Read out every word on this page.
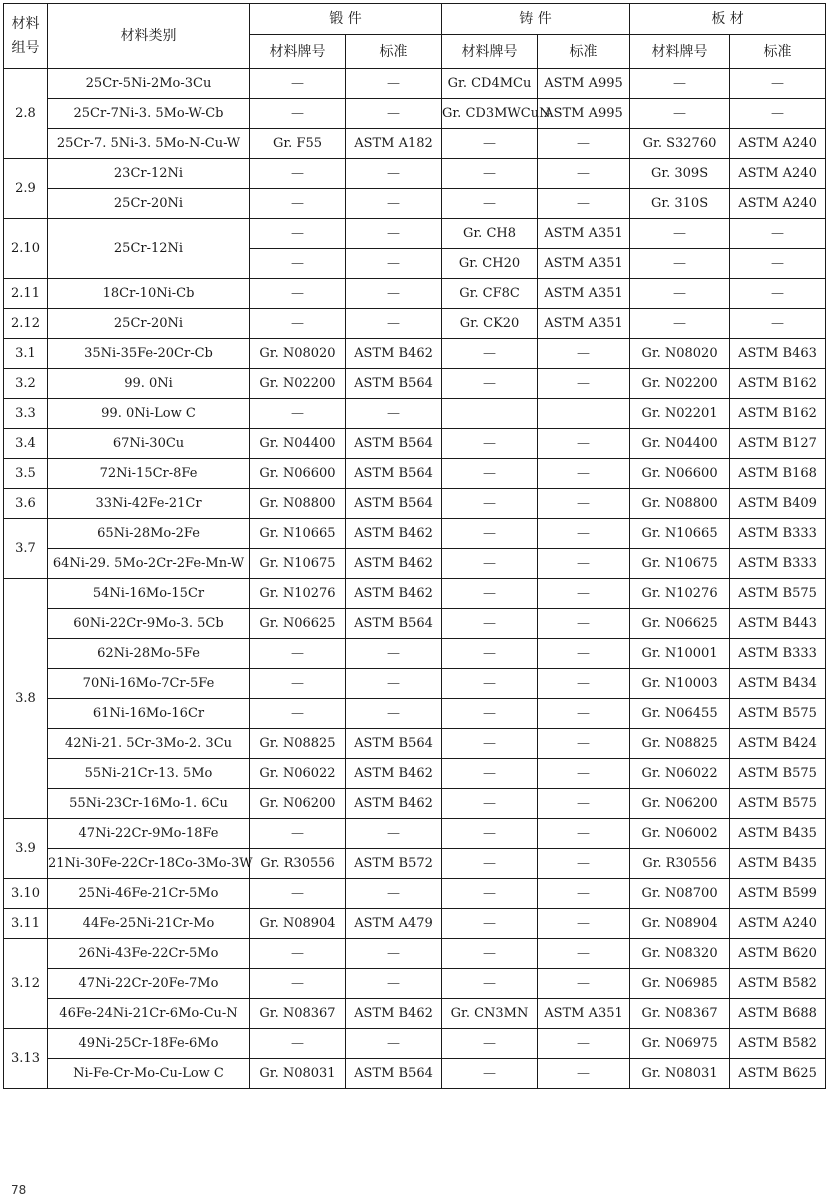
材料
组号	材料类别	锻 件		铸 件		板 材	
		材料牌号	标准	材料牌号	标准	材料牌号	标准
2.8	25Cr-5Ni-2Mo-3Cu	—	—	Gr. CD4MCu	ASTM A995	—	—
	25Cr-7Ni-3. 5Mo-W-Cb	—	—	Gr. CD3MWCuN	ASTM A995	—	—
	25Cr-7. 5Ni-3. 5Mo-N-Cu-W	Gr. F55	ASTM A182	—	—	Gr. S32760	ASTM A240
2.9	23Cr-12Ni	—	—	—	—	Gr. 309S	ASTM A240
	25Cr-20Ni	—	—	—	—	Gr. 310S	ASTM A240
2.10	25Cr-12Ni	—	—	Gr. CH8	ASTM A351	—	—
		—	—	Gr. CH20	ASTM A351	—	—
2.11	18Cr-10Ni-Cb	—	—	Gr. CF8C	ASTM A351	—	—
2.12	25Cr-20Ni	—	—	Gr. CK20	ASTM A351	—	—
3.1	35Ni-35Fe-20Cr-Cb	Gr. N08020	ASTM B462	—	—	Gr. N08020	ASTM B463
3.2	99. 0Ni	Gr. N02200	ASTM B564	—	—	Gr. N02200	ASTM B162
3.3	99. 0Ni-Low C	—	—			Gr. N02201	ASTM B162
3.4	67Ni-30Cu	Gr. N04400	ASTM B564	—	—	Gr. N04400	ASTM B127
3.5	72Ni-15Cr-8Fe	Gr. N06600	ASTM B564	—	—	Gr. N06600	ASTM B168
3.6	33Ni-42Fe-21Cr	Gr. N08800	ASTM B564	—	—	Gr. N08800	ASTM B409
3.7	65Ni-28Mo-2Fe	Gr. N10665	ASTM B462	—	—	Gr. N10665	ASTM B333
	64Ni-29. 5Mo-2Cr-2Fe-Mn-W	Gr. N10675	ASTM B462	—	—	Gr. N10675	ASTM B333
3.8	54Ni-16Mo-15Cr	Gr. N10276	ASTM B462	—	—	Gr. N10276	ASTM B575
	60Ni-22Cr-9Mo-3. 5Cb	Gr. N06625	ASTM B564	—	—	Gr. N06625	ASTM B443
	62Ni-28Mo-5Fe	—	—	—	—	Gr. N10001	ASTM B333
	70Ni-16Mo-7Cr-5Fe	—	—	—	—	Gr. N10003	ASTM B434
	61Ni-16Mo-16Cr	—	—	—	—	Gr. N06455	ASTM B575
	42Ni-21. 5Cr-3Mo-2. 3Cu	Gr. N08825	ASTM B564	—	—	Gr. N08825	ASTM B424
	55Ni-21Cr-13. 5Mo	Gr. N06022	ASTM B462	—	—	Gr. N06022	ASTM B575
	55Ni-23Cr-16Mo-1. 6Cu	Gr. N06200	ASTM B462	—	—	Gr. N06200	ASTM B575
3.9	47Ni-22Cr-9Mo-18Fe	—	—	—	—	Gr. N06002	ASTM B435
	21Ni-30Fe-22Cr-18Co-3Mo-3W	Gr. R30556	ASTM B572	—	—	Gr. R30556	ASTM B435
3.10	25Ni-46Fe-21Cr-5Mo	—	—	—	—	Gr. N08700	ASTM B599
3.11	44Fe-25Ni-21Cr-Mo	Gr. N08904	ASTM A479	—	—	Gr. N08904	ASTM A240
3.12	26Ni-43Fe-22Cr-5Mo	—	—	—	—	Gr. N08320	ASTM B620
	47Ni-22Cr-20Fe-7Mo	—	—	—	—	Gr. N06985	ASTM B582
	46Fe-24Ni-21Cr-6Mo-Cu-N	Gr. N08367	ASTM B462	Gr. CN3MN	ASTM A351	Gr. N08367	ASTM B688
3.13	49Ni-25Cr-18Fe-6Mo	—	—	—	—	Gr. N06975	ASTM B582
	Ni-Fe-Cr-Mo-Cu-Low C	Gr. N08031	ASTM B564	—	—	Gr. N08031	ASTM B625
78
